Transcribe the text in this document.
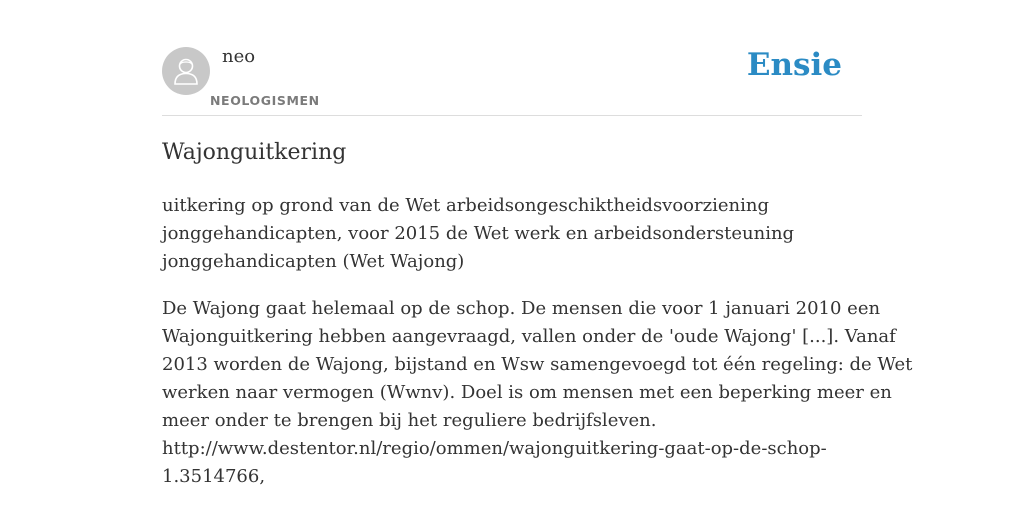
neo
NEOLOGISMEN
Ensie
Wajonguitkering

uitkering op grond van de Wet arbeidsongeschiktheidsvoorziening
jonggehandicapten, voor 2015 de Wet werk en arbeidsondersteuning
jonggehandicapten (Wet Wajong)

De Wajong gaat helemaal op de schop. De mensen die voor 1 januari 2010 een
Wajonguitkering hebben aangevraagd, vallen onder de 'oude Wajong' [...]. Vanaf
2013 worden de Wajong, bijstand en Wsw samengevoegd tot één regeling: de Wet
werken naar vermogen (Wwnv). Doel is om mensen met een beperking meer en
meer onder te brengen bij het reguliere bedrijfsleven.
http://www.destentor.nl/regio/ommen/wajonguitkering-gaat-op-de-schop-
1.3514766,
